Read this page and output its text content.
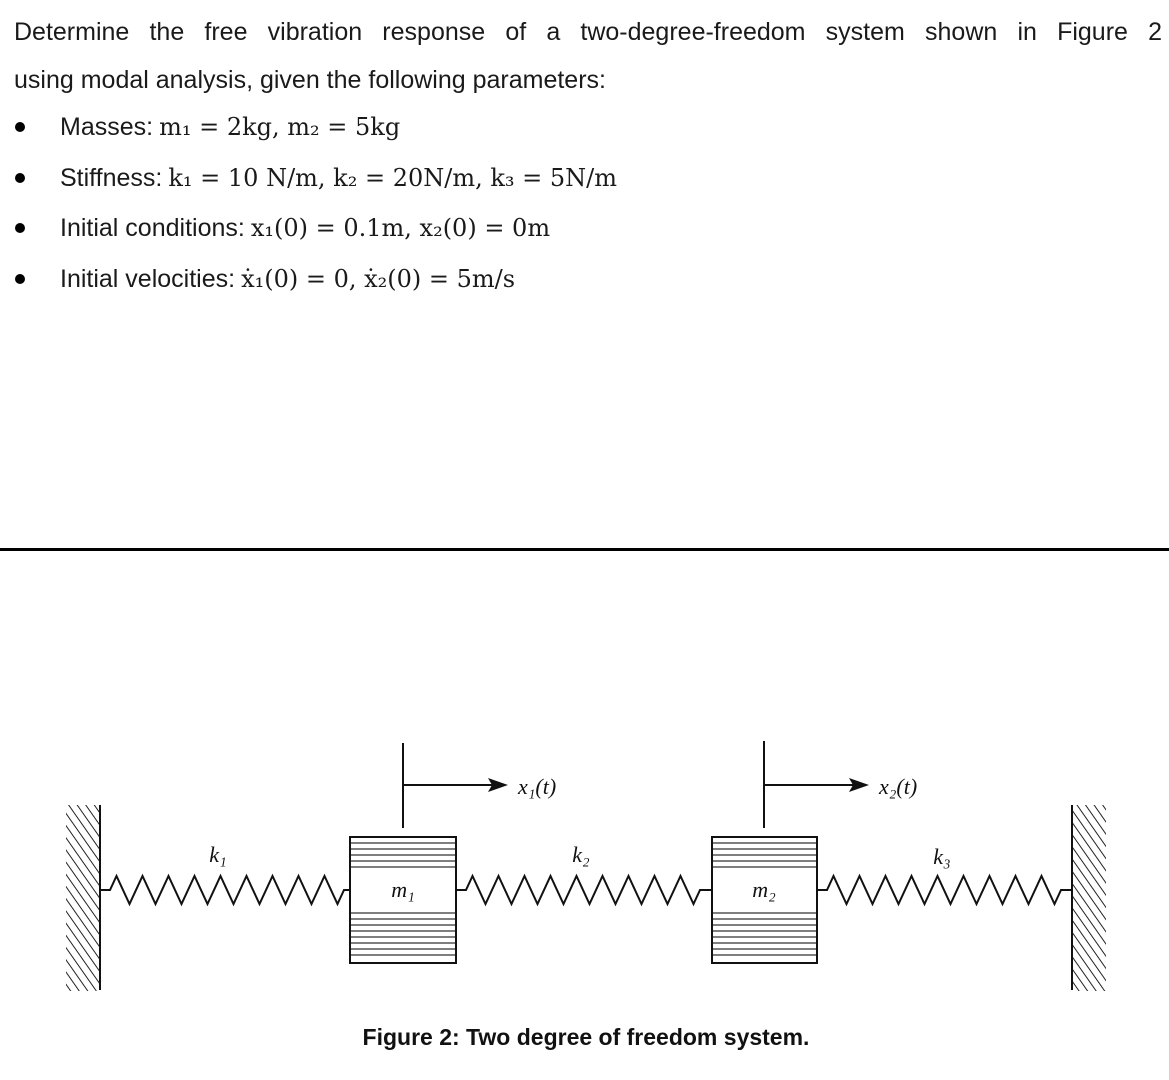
Determine the free vibration response of a two-degree-freedom system shown in Figure 2
using modal analysis, given the following parameters:
Masses: m₁ = 2kg, m₂ = 5kg
Stiffness: k₁ = 10 N/m, k₂ = 20N/m, k₃ = 5N/m
Initial conditions: x₁(0) = 0.1m, x₂(0) = 0m
Initial velocities: ẋ₁(0) = 0, ẋ₂(0) = 5m/s
m₁	m₂
x₁(t)	x₂(t)
k₁	k₂	k₃
Figure 2: Two degree of freedom system.
